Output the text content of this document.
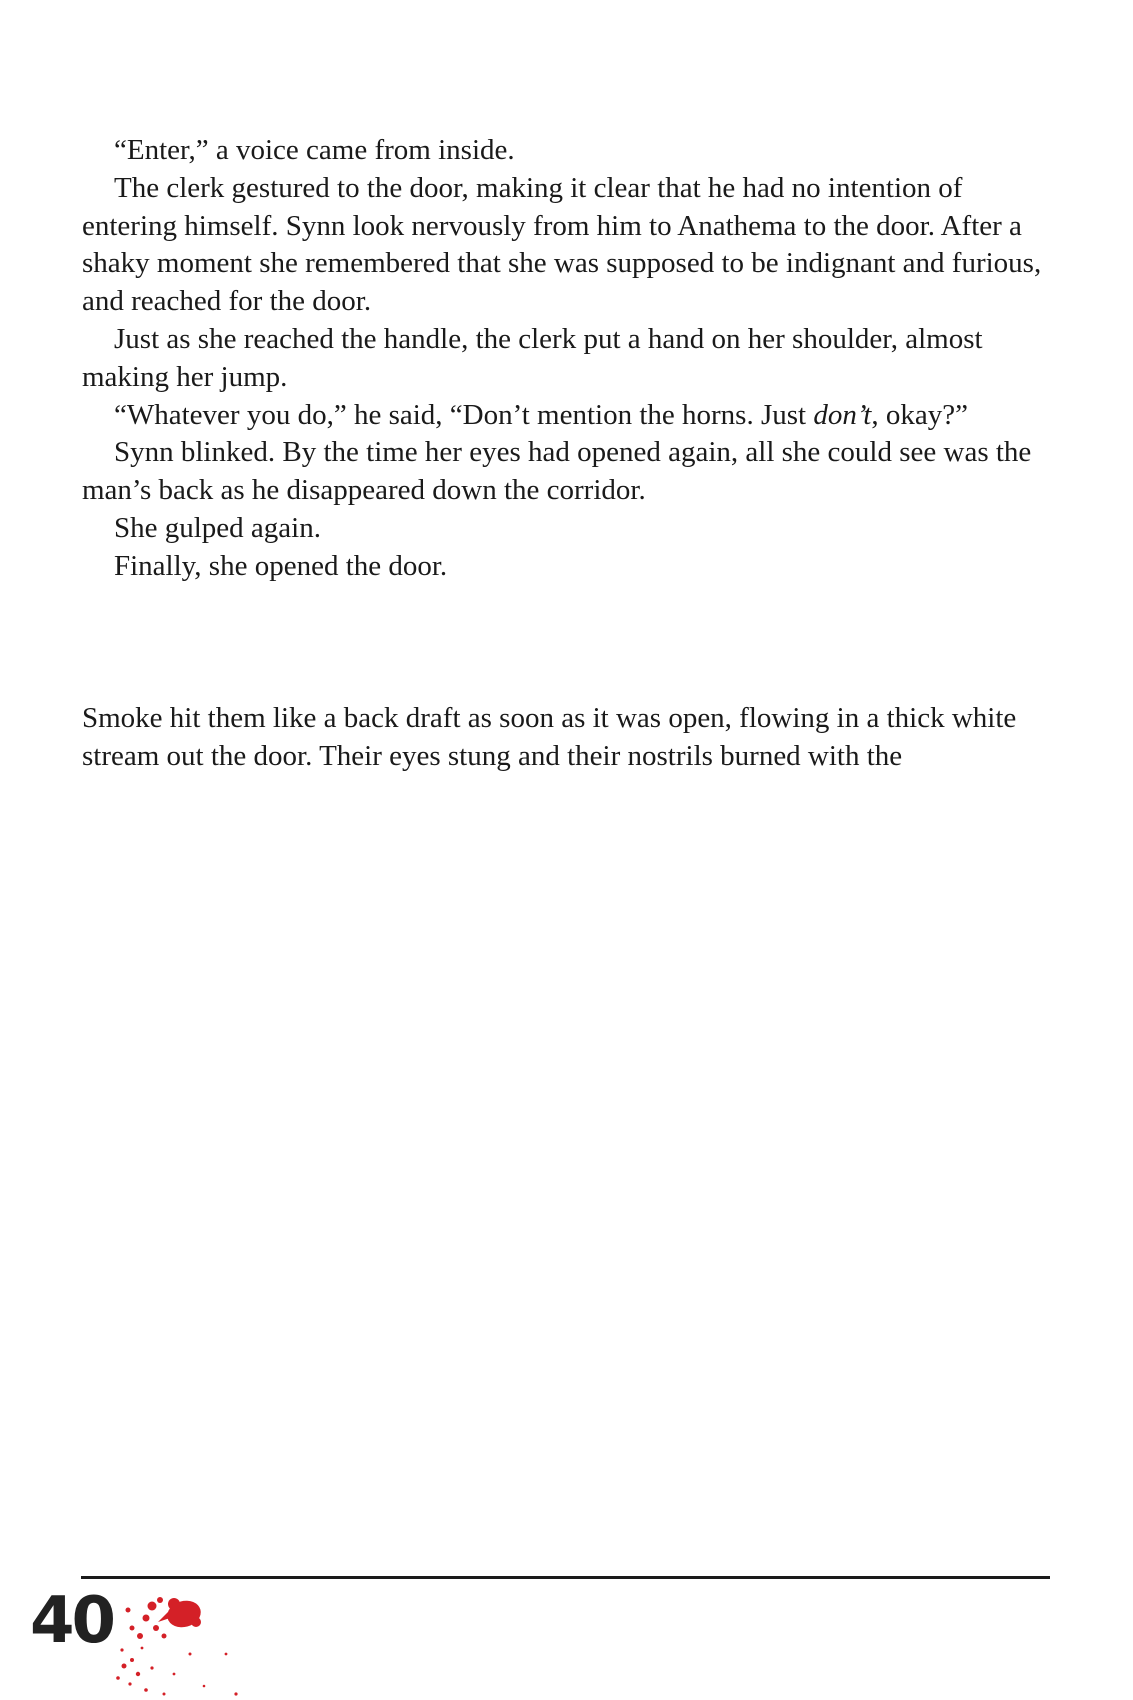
“Enter,” a voice came from inside.

The clerk gestured to the door, making it clear that he had no intention of entering himself. Synn look nervously from him to Anathema to the door. After a shaky moment she remembered that she was supposed to be indignant and furious, and reached for the door.

Just as she reached the handle, the clerk put a hand on her shoulder, almost making her jump.

“Whatever you do,” he said, “Don’t mention the horns. Just don’t, okay?”

Synn blinked. By the time her eyes had opened again, all she could see was the man’s back as he disappeared down the corridor.

She gulped again.

Finally, she opened the door.

Smoke hit them like a back draft as soon as it was open, flowing in a thick white stream out the door. Their eyes stung and their nostrils burned with the

40
